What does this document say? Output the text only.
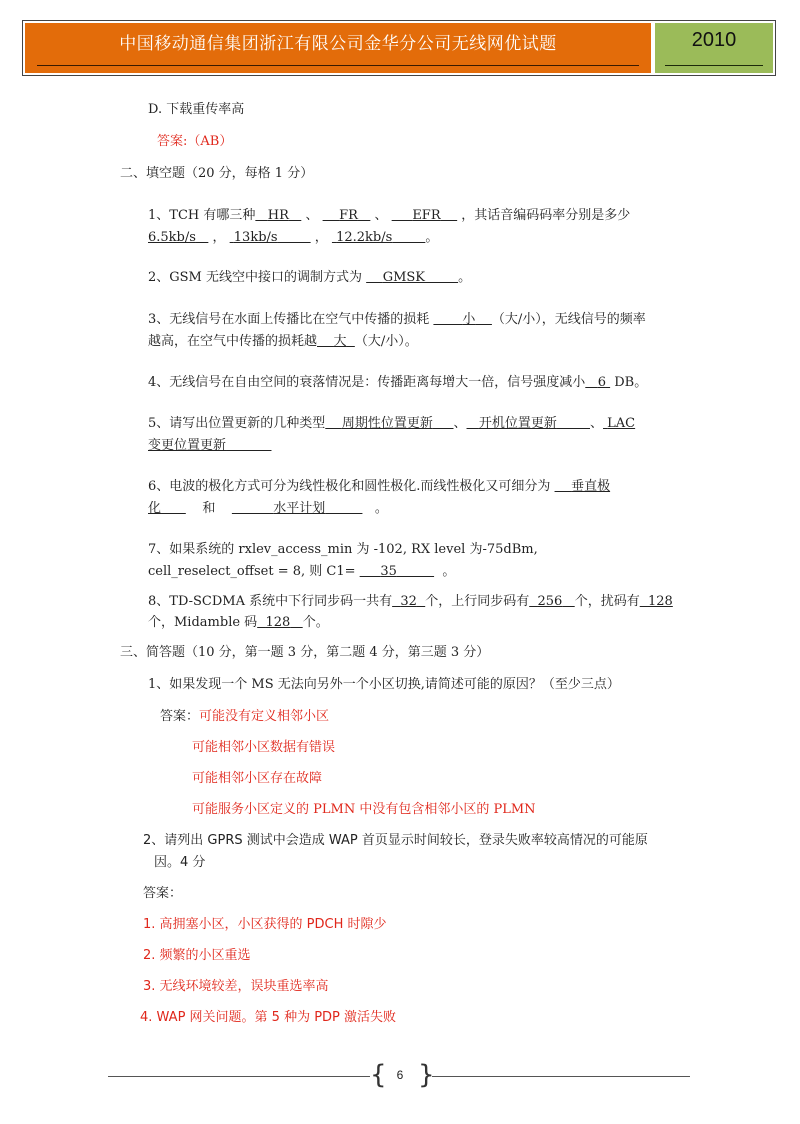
中国移动通信集团浙江有限公司金华分公司无线网优试题	2010
D. 下载重传率高
答案:（AB）
二、填空题（20 分，每格 1 分）
1、TCH 有哪三种 HR 、 FR 、 EFR ，其话音编码码率分别是多少
6.5kb/s ， 13kb/s	， 12.2kb/s	。
2、GSM 无线空中接口的调制方式为 GMSK	。
3、无线信号在水面上传播比在空气中传播的损耗	小 （大/小），无线信号的频率
越高，在空气中传播的损耗越 大 （大/小）。
4、无线信号在自由空间的衰落情况是：传播距离每增大一倍，信号强度减小 6 DB。
5、请写出位置更新的几种类型 周期性位置更新 、 开机位置更新	、 LAC
变更位置更新
6、电波的极化方式可分为线性极化和圆性极化.而线性极化又可细分为 垂直极
化	和	水平计划	。
7、如果系统的 rxlev_access_min 为 -102, RX level 为-75dBm,
cell_reselect_offset = 8, 则 C1= 35	。
8、TD-SCDMA 系统中下行同步码一共有 32 个，上行同步码有 256 个，扰码有 128
个，Midamble 码 128 个。
三、简答题（10 分，第一题 3 分，第二题 4 分，第三题 3 分）
1、如果发现一个 MS 无法向另外一个小区切换,请简述可能的原因？（至少三点）
答案：可能没有定义相邻小区
可能相邻小区数据有错误
可能相邻小区存在故障
可能服务小区定义的 PLMN 中没有包含相邻小区的 PLMN
2、请列出 GPRS 测试中会造成 WAP 首页显示时间较长，登录失败率较高情况的可能原
因。4 分
答案：
1. 高拥塞小区，小区获得的 PDCH 时隙少
2. 频繁的小区重选
3. 无线环境较差，误块重选率高
4. WAP 网关问题。第 5 种为 PDP 激活失败
{ 6 }
